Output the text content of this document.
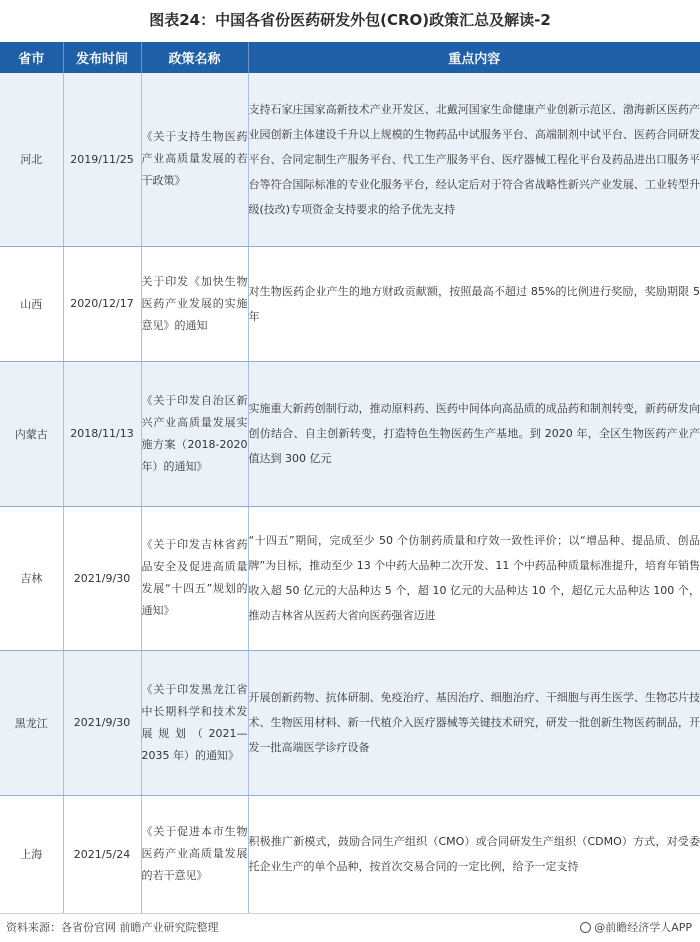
图表24：中国各省份医药研发外包(CRO)政策汇总及解读-2
省市	发布时间	政策名称	重点内容
河北	2019/11/25	《关于支持生物医药产业高质量发展的若干政策》	支持石家庄国家高新技术产业开发区、北戴河国家生命健康产业创新示范区、渤海新区医药产业园创新主体建设千升以上规模的生物药品中试服务平台、高端制剂中试平台、医药合同研发平台、合同定制生产服务平台、代工生产服务平台、医疗器械工程化平台及药品进出口服务平台等符合国际标准的专业化服务平台，经认定后对于符合省战略性新兴产业发展、工业转型升级(技改)专项资金支持要求的给予优先支持
山西	2020/12/17	关于印发《加快生物医药产业发展的实施意见》的通知	对生物医药企业产生的地方财政贡献额，按照最高不超过 85%的比例进行奖励，奖励期限 5 年
内蒙古	2018/11/13	《关于印发自治区新兴产业高质量发展实施方案（2018-2020 年）的通知》	实施重大新药创制行动，推动原料药、医药中间体向高品质的成品药和制剂转变，新药研发向创仿结合、自主创新转变，打造特色生物医药生产基地。到 2020 年，全区生物医药产业产值达到 300 亿元
吉林	2021/9/30	《关于印发吉林省药品安全及促进高质量发展“十四五”规划的通知》	“十四五”期间，完成至少 50 个仿制药质量和疗效一致性评价；以“增品种、提品质、创品牌”为目标，推动至少 13 个中药大品种二次开发、11 个中药品种质量标准提升，培育年销售收入超 50 亿元的大品种达 5 个，超 10 亿元的大品种达 10 个，超亿元大品种达 100 个，推动吉林省从医药大省向医药强省迈进
黑龙江	2021/9/30	《关于印发黑龙江省中长期科学和技术发展规划（2021—2035 年）的通知》	开展创新药物、抗体研制、免疫治疗、基因治疗、细胞治疗、干细胞与再生医学、生物芯片技术、生物医用材料、新一代植介入医疗器械等关键技术研究，研发一批创新生物医药制品，开发一批高端医学诊疗设备
上海	2021/5/24	《关于促进本市生物医药产业高质量发展的若干意见》	积极推广新模式，鼓励合同生产组织（CMO）或合同研发生产组织（CDMO）方式，对受委托企业生产的单个品种，按首次交易合同的一定比例，给予一定支持
资料来源：各省份官网 前瞻产业研究院整理	@前瞻经济学人APP
